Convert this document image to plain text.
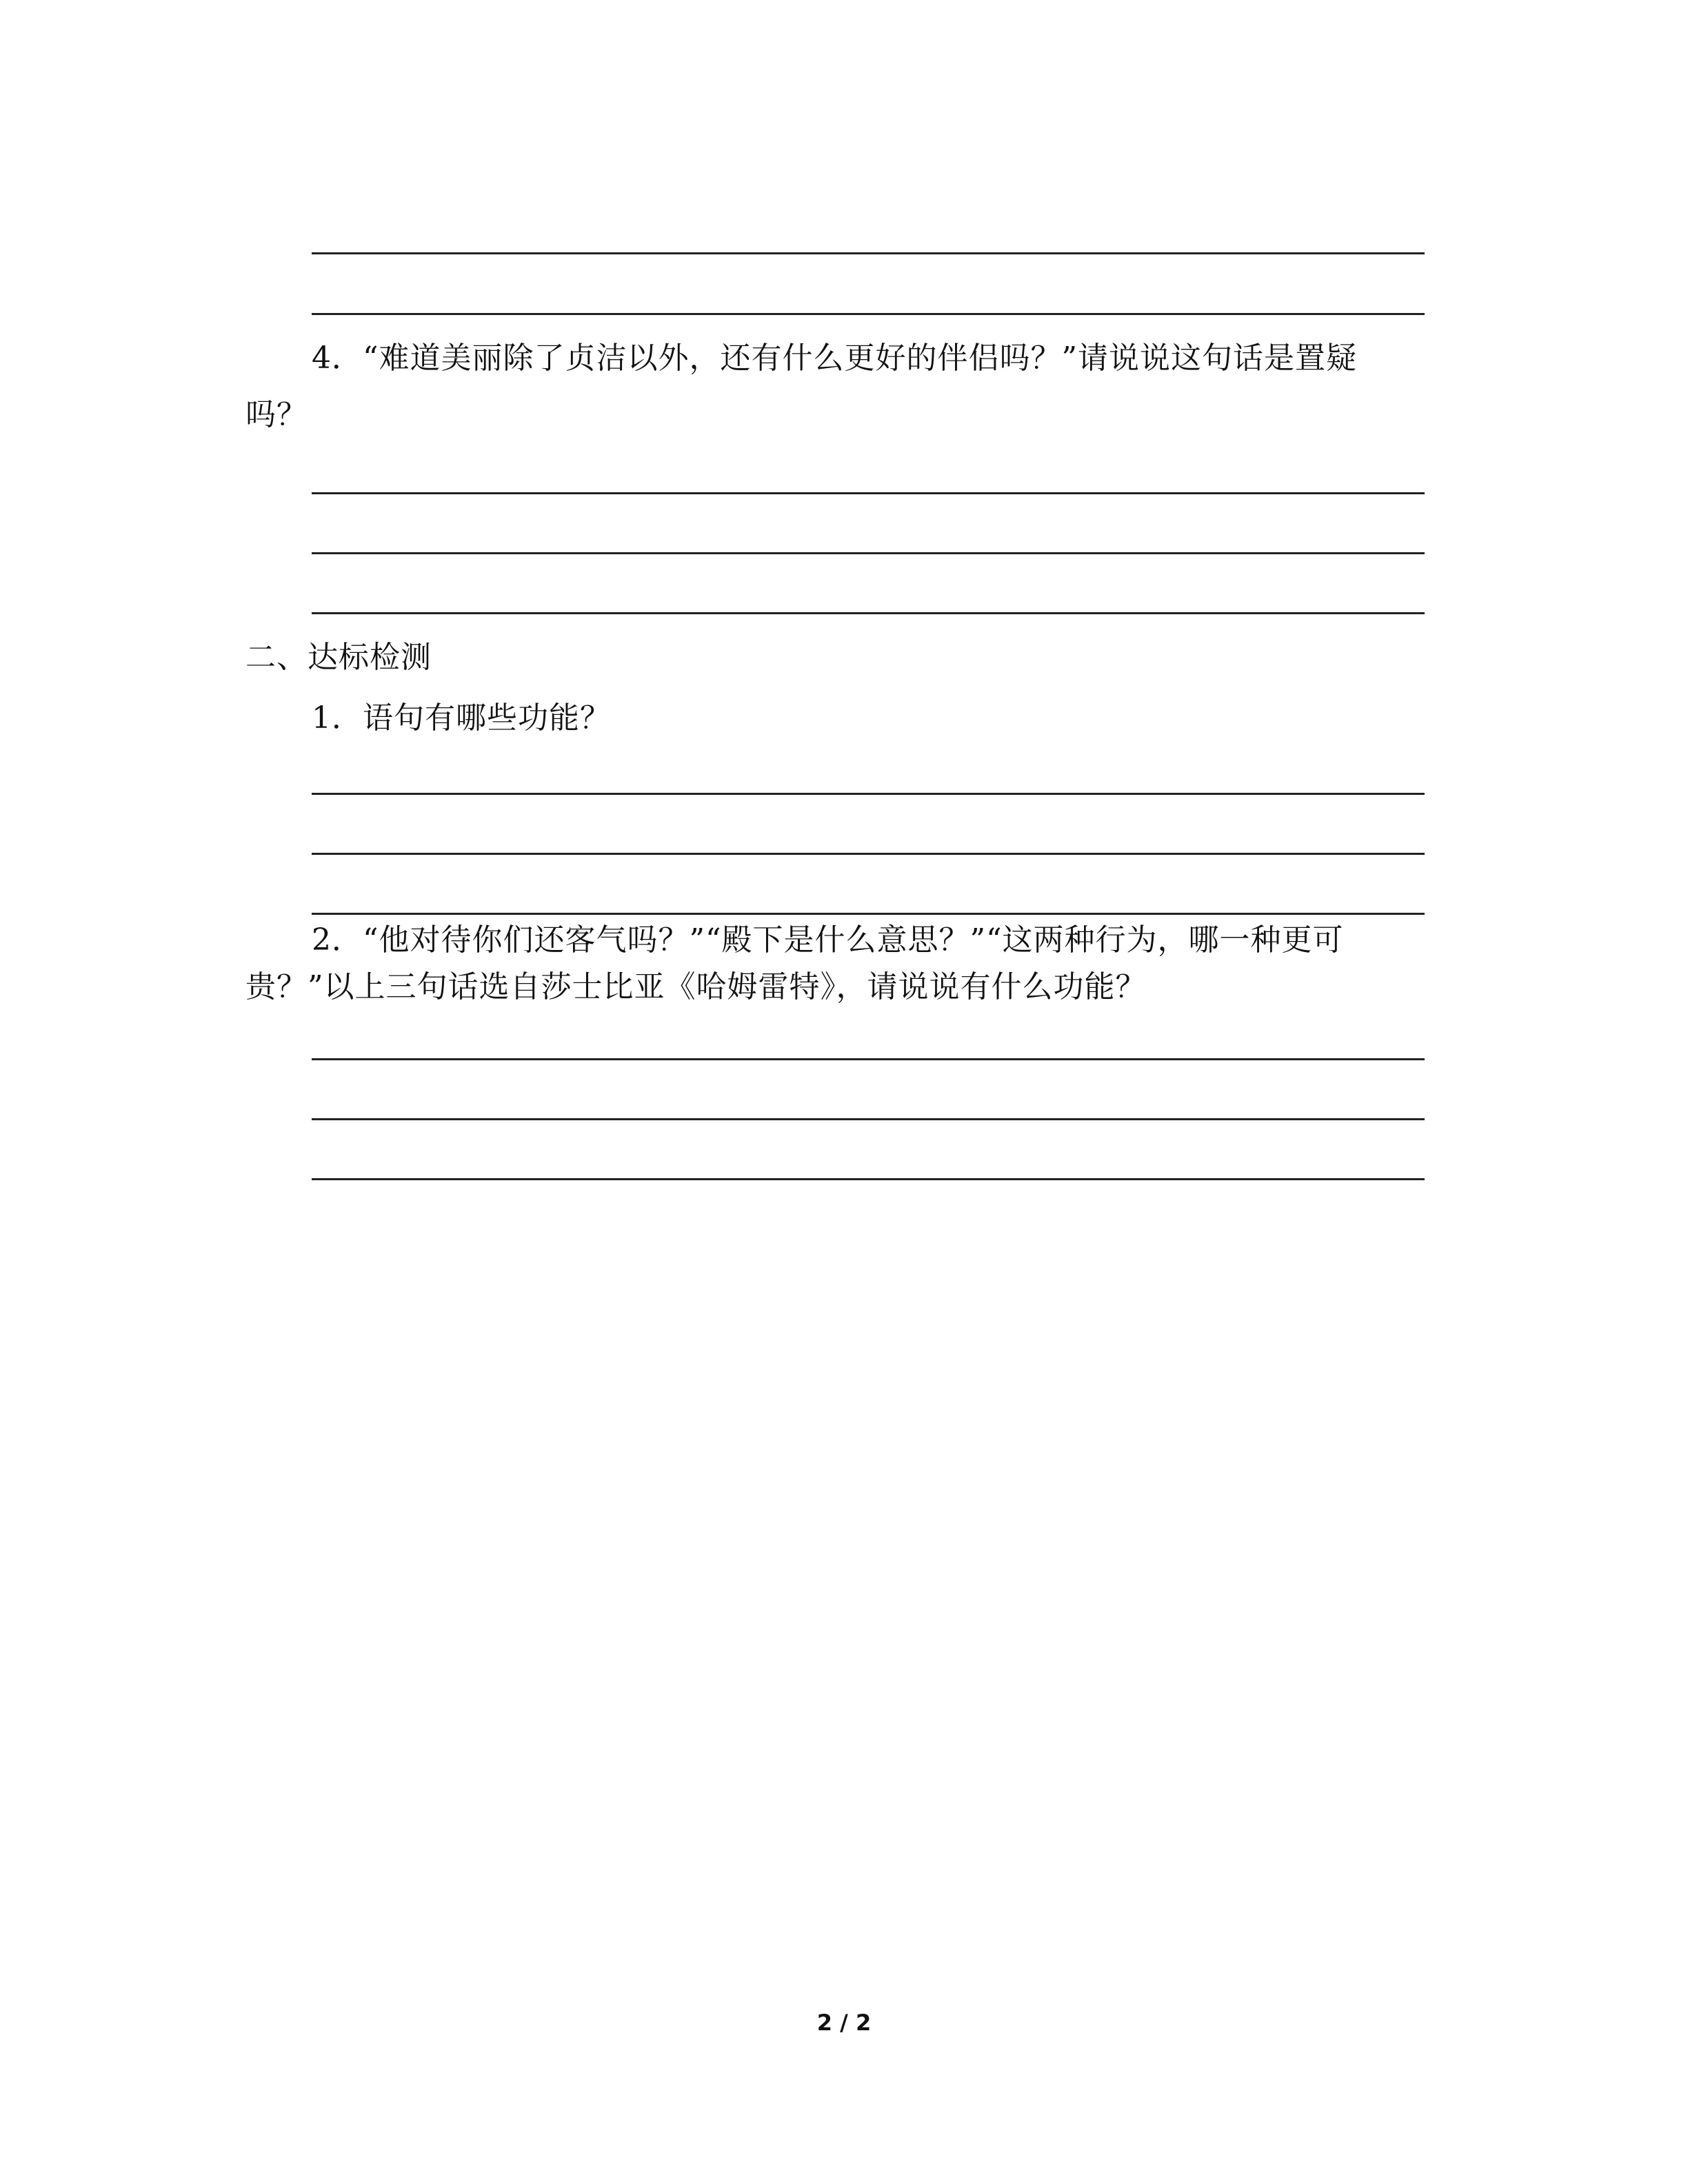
4．“难道美丽除了贞洁以外，还有什么更好的伴侣吗？”请说说这句话是置疑
吗？
二、达标检测
1．语句有哪些功能？
2．“他对待你们还客气吗？”“殿下是什么意思？”“这两种行为，哪一种更可
贵？”以上三句话选自莎士比亚《哈姆雷特》，请说说有什么功能？
2 / 2
